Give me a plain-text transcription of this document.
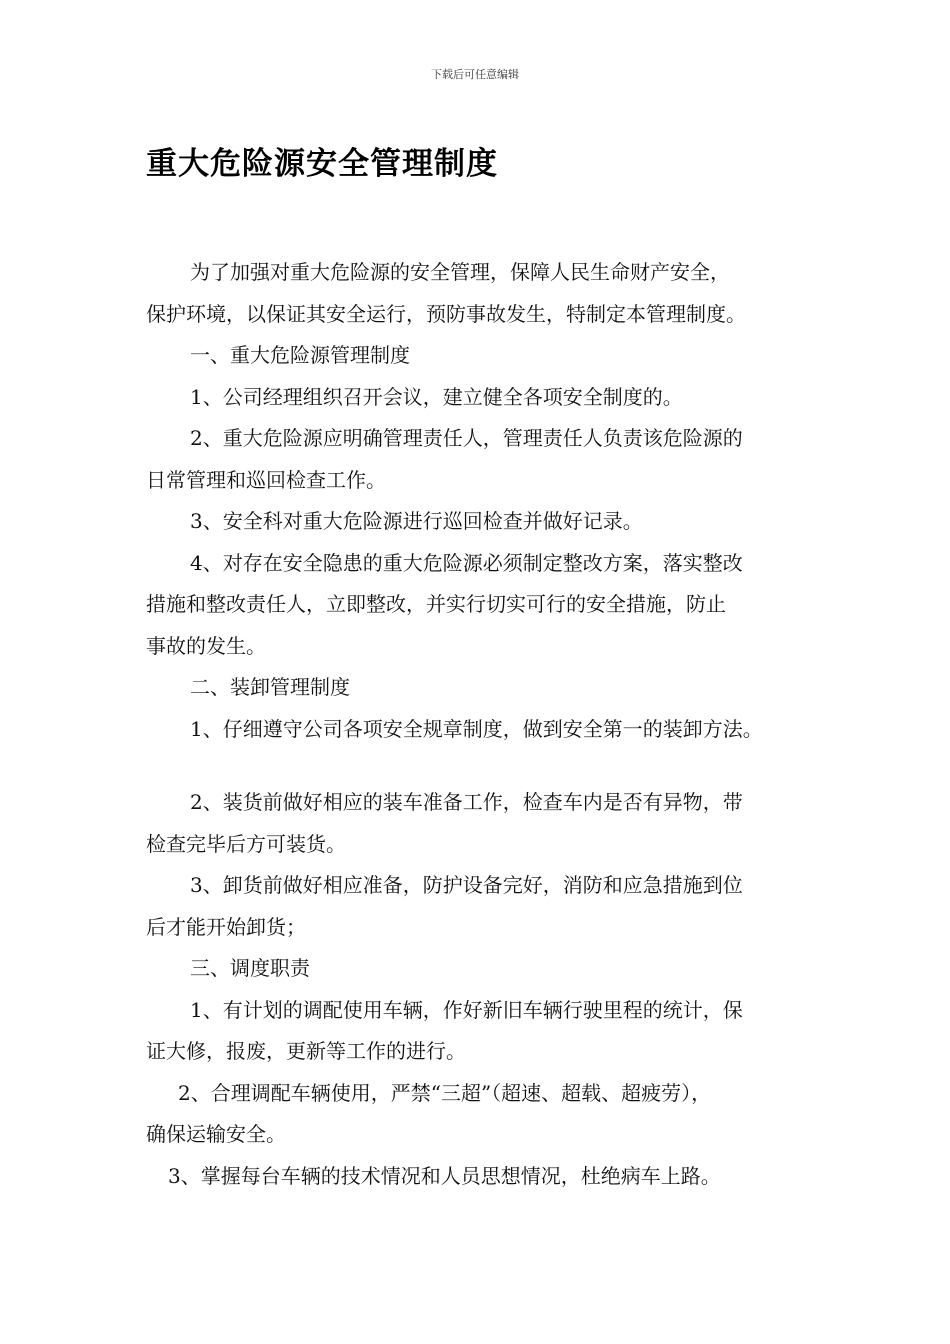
下载后可任意编辑
重大危险源安全管理制度
为了加强对重大危险源的安全管理，保障人民生命财产安全，
保护环境，以保证其安全运行，预防事故发生，特制定本管理制度。
一、重大危险源管理制度
1、公司经理组织召开会议，建立健全各项安全制度的。
2、重大危险源应明确管理责任人，管理责任人负责该危险源的
日常管理和巡回检查工作。
3、安全科对重大危险源进行巡回检查并做好记录。
4、对存在安全隐患的重大危险源必须制定整改方案，落实整改
措施和整改责任人，立即整改，并实行切实可行的安全措施，防止
事故的发生。
二、装卸管理制度
1、仔细遵守公司各项安全规章制度，做到安全第一的装卸方法。
2、装货前做好相应的装车准备工作，检查车内是否有异物，带
检查完毕后方可装货。
3、卸货前做好相应准备，防护设备完好，消防和应急措施到位
后才能开始卸货；
三、调度职责
1、有计划的调配使用车辆，作好新旧车辆行驶里程的统计，保
证大修，报废，更新等工作的进行。
2、合理调配车辆使用，严禁“三超”（超速、超载、超疲劳），
确保运输安全。
3、掌握每台车辆的技术情况和人员思想情况，杜绝病车上路。
